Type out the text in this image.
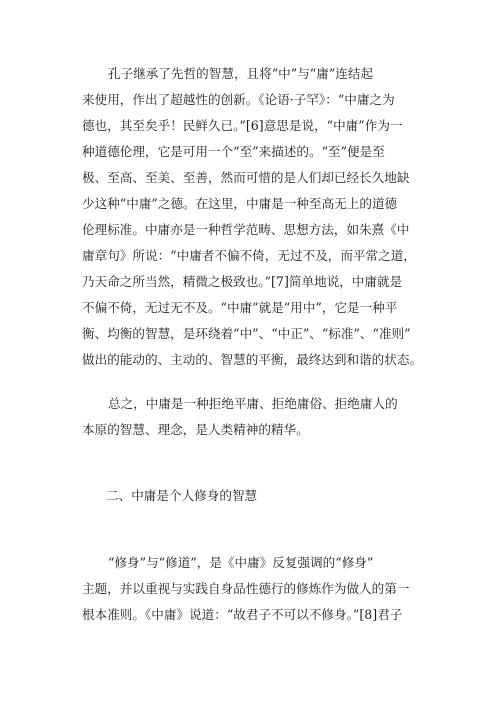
孔子继承了先哲的智慧，且将“中”与“庸”连结起

来使用，作出了超越性的创新。《论语·子罕》：“中庸之为

德也，其至矣乎！民鲜久已。”[6]意思是说，“中庸”作为一

种道德伦理，它是可用一个“至”来描述的。“至”便是至

极、至高、至美、至善，然而可惜的是人们却已经长久地缺

少这种“中庸”之德。在这里，中庸是一种至高无上的道德

伦理标准。中庸亦是一种哲学范畴、思想方法，如朱熹《中

庸章句》所说：“中庸者不偏不倚，无过不及，而平常之道，

乃天命之所当然，精微之极致也。”[7]简单地说，中庸就是

不偏不倚，无过无不及。“中庸”就是“用中”，它是一种平

衡、均衡的智慧，是环绕着“中”、“中正”、“标准”、“准则”

做出的能动的、主动的、智慧的平衡，最终达到和谐的状态。

总之，中庸是一种拒绝平庸、拒绝庸俗、拒绝庸人的

本原的智慧、理念，是人类精神的精华。

二、中庸是个人修身的智慧

“修身”与“修道”，是《中庸》反复强调的“修身”

主题，并以重视与实践自身品性德行的修炼作为做人的第一

根本准则。《中庸》说道：“故君子不可以不修身。”[8]君子
